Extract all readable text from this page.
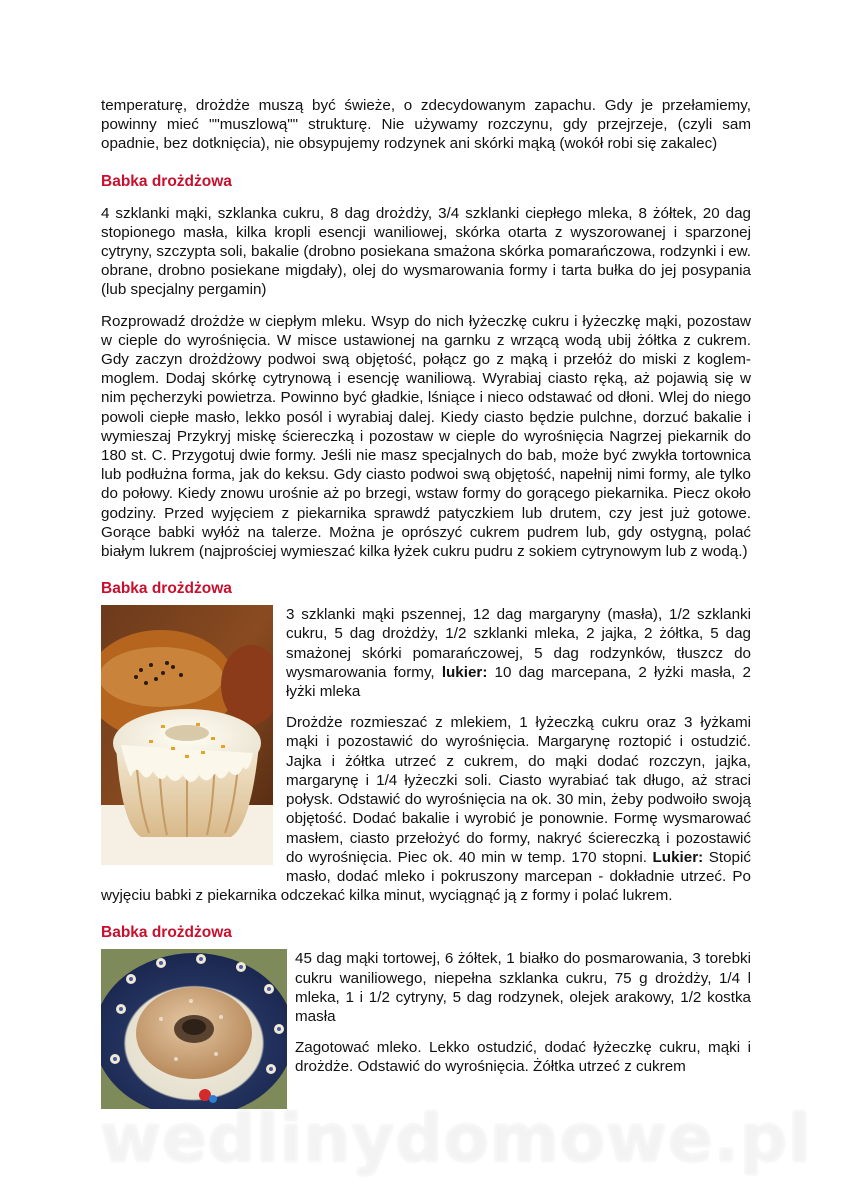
temperaturę, drożdże muszą być świeże, o zdecydowanym zapachu. Gdy je przełamiemy, powinny mieć ""muszlową"" strukturę. Nie używamy rozczynu, gdy przejrzeje, (czyli sam opadnie, bez dotknięcia), nie obsypujemy rodzynek ani skórki mąką (wokół robi się zakalec)

Babka drożdżowa

4 szklanki mąki, szklanka cukru, 8 dag drożdży, 3/4 szklanki ciepłego mleka, 8 żółtek, 20 dag stopionego masła, kilka kropli esencji waniliowej, skórka otarta z wyszorowanej i sparzonej cytryny, szczypta soli, bakalie (drobno posiekana smażona skórka pomarańczowa, rodzynki i ew. obrane, drobno posiekane migdały), olej do wysmarowania formy i tarta bułka do jej posypania (lub specjalny pergamin)

Rozprowadź drożdże w ciepłym mleku. Wsyp do nich łyżeczkę cukru i łyżeczkę mąki, pozostaw w cieple do wyrośnięcia. W misce ustawionej na garnku z wrzącą wodą ubij żółtka z cukrem. Gdy zaczyn drożdżowy podwoi swą objętość, połącz go z mąką i przełóż do miski z koglem-moglem. Dodaj skórkę cytrynową i esencję waniliową. Wyrabiaj ciasto ręką, aż pojawią się w nim pęcherzyki powietrza. Powinno być gładkie, lśniące i nieco odstawać od dłoni. Wlej do niego powoli ciepłe masło, lekko posól i wyrabiaj dalej. Kiedy ciasto będzie pulchne, dorzuć bakalie i wymieszaj Przykryj miskę ściereczką i pozostaw w cieple do wyrośnięcia Nagrzej piekarnik do 180 st. C. Przygotuj dwie formy. Jeśli nie masz specjalnych do bab, może być zwykła tortownica lub podłużna forma, jak do keksu. Gdy ciasto podwoi swą objętość, napełnij nimi formy, ale tylko do połowy. Kiedy znowu urośnie aż po brzegi, wstaw formy do gorącego piekarnika. Piecz około godziny. Przed wyjęciem z piekarnika sprawdź patyczkiem lub drutem, czy jest już gotowe. Gorące babki wyłóż na talerze. Można je oprószyć cukrem pudrem lub, gdy ostygną, polać białym lukrem (najprościej wymieszać kilka łyżek cukru pudru z sokiem cytrynowym lub z wodą.)

Babka drożdżowa

3 szklanki mąki pszennej, 12 dag margaryny (masła), 1/2 szklanki cukru, 5 dag drożdży, 1/2 szklanki mleka, 2 jajka, 2 żółtka, 5 dag smażonej skórki pomarańczowej, 5 dag rodzynków, tłuszcz do wysmarowania formy, lukier: 10 dag marcepana, 2 łyżki masła, 2 łyżki mleka

Drożdże rozmieszać z mlekiem, 1 łyżeczką cukru oraz 3 łyżkami mąki i pozostawić do wyrośnięcia. Margarynę roztopić i ostudzić. Jajka i żółtka utrzeć z cukrem, do mąki dodać rozczyn, jajka, margarynę i 1/4 łyżeczki soli. Ciasto wyrabiać tak długo, aż straci połysk. Odstawić do wyrośnięcia na ok. 30 min, żeby podwoiło swoją objętość. Dodać bakalie i wyrobić je ponownie. Formę wysmarować masłem, ciasto przełożyć do formy, nakryć ściereczką i pozostawić do wyrośnięcia. Piec ok. 40 min w temp. 170 stopni. Lukier: Stopić masło, dodać mleko i pokruszony marcepan - dokładnie utrzeć. Po wyjęciu babki z piekarnika odczekać kilka minut, wyciągnąć ją z formy i polać lukrem.

Babka drożdżowa

45 dag mąki tortowej, 6 żółtek, 1 białko do posmarowania, 3 torebki cukru waniliowego, niepełna szklanka cukru, 75 g drożdży, 1/4 l mleka, 1 i 1/2 cytryny, 5 dag rodzynek, olejek arakowy, 1/2 kostka masła

Zagotować mleko. Lekko ostudzić, dodać łyżeczkę cukru, mąki i drożdże. Odstawić do wyrośnięcia. Żółtka utrzeć z cukrem

wedlinydomowe.pl
